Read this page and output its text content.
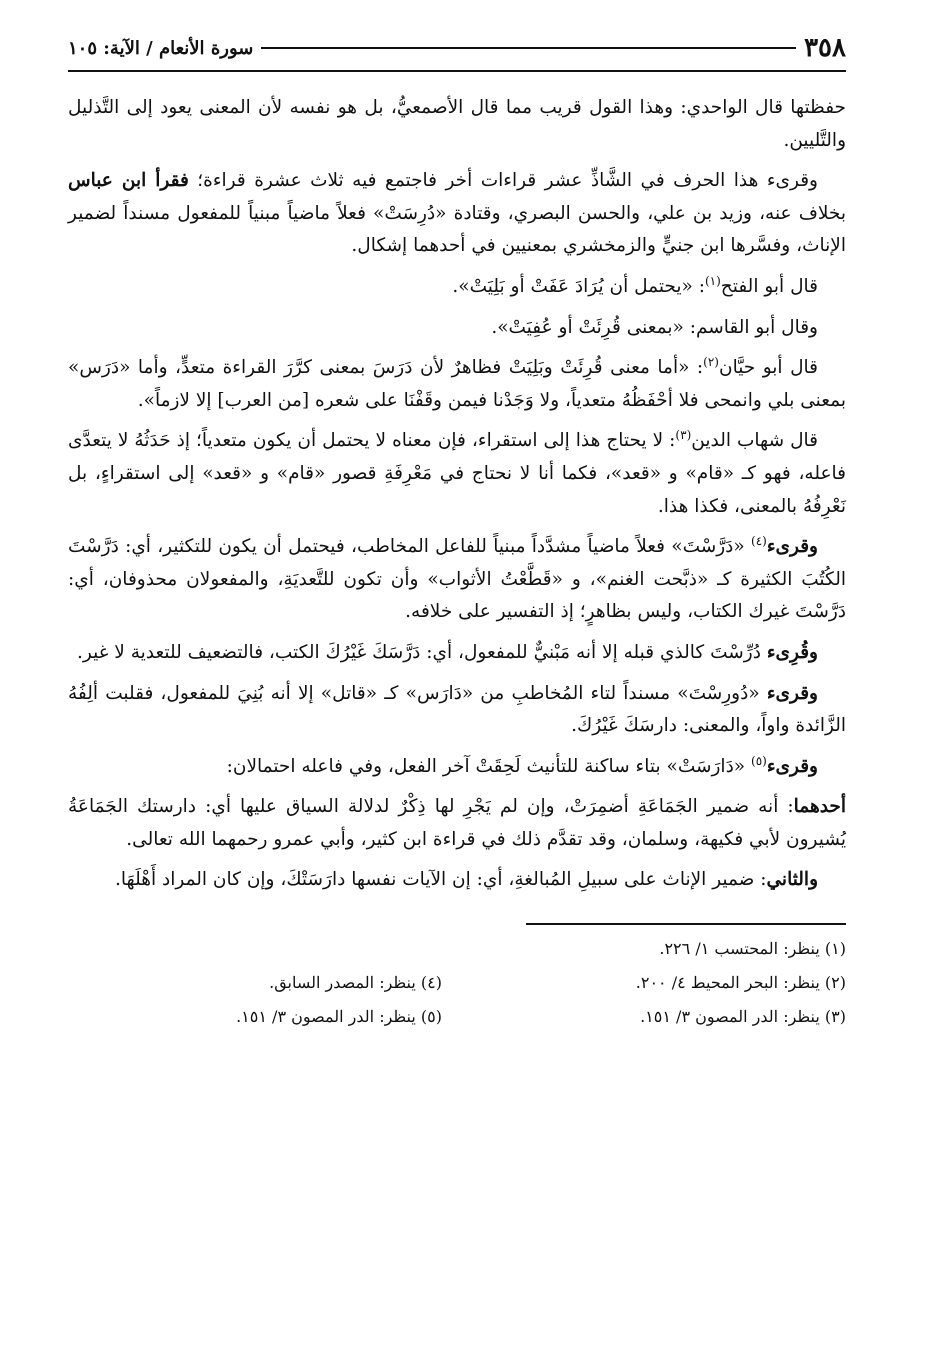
٣٥٨
سورة الأنعام / الآية: ١٠٥

حفظتها قال الواحدي: وهذا القول قريب مما قال الأصمعيُّ، بل هو نفسه لأن المعنى يعود إلى التَّذليل والتَّليين.

وقرىء هذا الحرف في الشَّاذِّ عشر قراءات أخر فاجتمع فيه ثلاث عشرة قراءة؛ فقرأ ابن عباس بخلاف عنه، وزيد بن علي، والحسن البصري، وقتادة «دُرِسَتْ» فعلاً ماضياً مبنياً للمفعول مسنداً لضمير الإناث، وفسَّرها ابن جنيٍّ والزمخشري بمعنيين في أحدهما إشكال.

قال أبو الفتح$^{(١)}$: «يحتمل أن يُرَادَ عَفَتْ أو بَلِيَتْ».

وقال أبو القاسم: «بمعنى قُرِئَتْ أو عُفِيَتْ».

قال أبو حيَّان$^{(٢)}$: «أما معنى قُرِئَتْ وبَلِيَتْ فظاهرٌ لأن دَرَسَ بمعنى كرَّرَ القراءة متعدٍّ، وأما «دَرَس» بمعنى بلي وانمحى فلا أحْفَظُهُ متعدياً، ولا وَجَدْنا فيمن وقَفْنَا على شعره [من العرب] إلا لازماً».

قال شهاب الدين$^{(٣)}$: لا يحتاج هذا إلى استقراء، فإن معناه لا يحتمل أن يكون متعدياً؛ إذ حَدَثُهُ لا يتعدَّى فاعله، فهو كـ «قام» و «قعد»، فكما أنا لا نحتاج في مَعْرِفَةِ قصور «قام» و «قعد» إلى استقراءٍ، بل نَعْرِفُهُ بالمعنى، فكذا هذا.

وقرىء$^{(٤)}$ «دَرَّسْتَ» فعلاً ماضياً مشدَّداً مبنياً للفاعل المخاطب، فيحتمل أن يكون للتكثير، أي: دَرَّسْتَ الكُتُبَ الكثيرة كـ «ذبَّحت الغنم»، و «قَطَّعْتُ الأثواب» وأن تكون للتَّعديَةِ، والمفعولان محذوفان، أي: دَرَّسْتَ غيرك الكتاب، وليس بظاهرٍ؛ إذ التفسير على خلافه.

وقُرِىء دُرِّسْتَ كالذي قبله إلا أنه مَبْنيٌّ للمفعول، أي: دَرَّسَكَ غَيْرُكَ الكتب، فالتضعيف للتعدية لا غير.

وقرىء «دُورِسْتَ» مسنداً لتاء المُخاطبِ من «دَارَس» كـ «قاتل» إلا أنه بُنِيَ للمفعول، فقلبت ألِفُهُ الزَّائدة واواً، والمعنى: دارسَكَ غَيْرُكَ.

وقرىء$^{(٥)}$ «دَارَسَتْ» بتاء ساكنة للتأنيث لَحِقَتْ آخر الفعل، وفي فاعله احتمالان:

أحدهما: أنه ضمير الجَمَاعَةِ أضمِرَتْ، وإن لم يَجْرِ لها ذِكْرٌ لدلالة السياق عليها أي: دارستك الجَمَاعَةُ يُشيرون لأبي فكيهة، وسلمان، وقد تقدَّم ذلك في قراءة ابن كثير، وأبي عمرو رحمهما الله تعالى.

والثاني: ضمير الإناث على سبيلِ المُبالغةِ، أي: إن الآيات نفسها دارَسَتْكَ، وإن كان المراد أَهْلَهَا.

(١) ينظر: المحتسب ١/ ٢٢٦.
(٢) ينظر: البحر المحيط ٤/ ٢٠٠.
(٤) ينظر: المصدر السابق.
(٣) ينظر: الدر المصون ٣/ ١٥١.
(٥) ينظر: الدر المصون ٣/ ١٥١.
